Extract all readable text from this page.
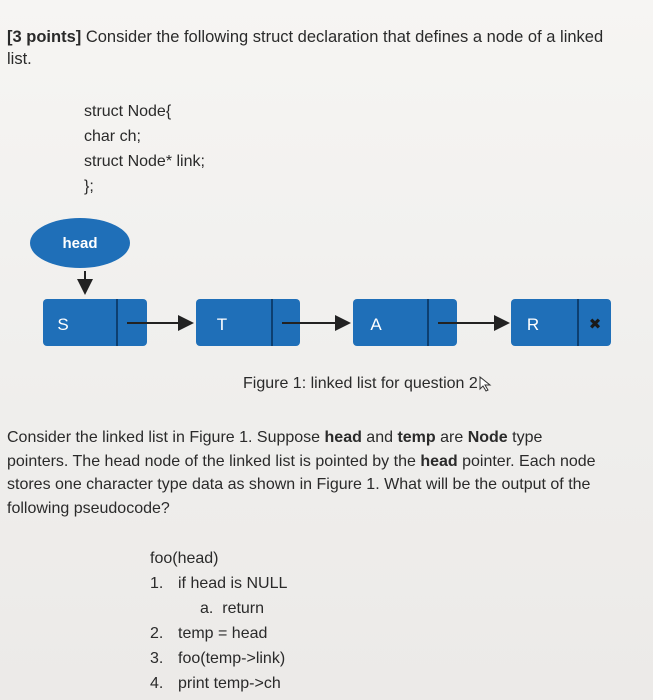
[3 points] Consider the following struct declaration that defines a node of a linked list.
struct Node{
char ch;
struct Node* link;
};
head
S	T	A	R	✖
Figure 1: linked list for question 2
Consider the linked list in Figure 1. Suppose head and temp are Node type pointers. The head node of the linked list is pointed by the head pointer. Each node stores one character type data as shown in Figure 1. What will be the output of the following pseudocode?
foo(head)
1. if head is NULL
a.  return
2. temp = head
3. foo(temp->link)
4. print temp->ch
